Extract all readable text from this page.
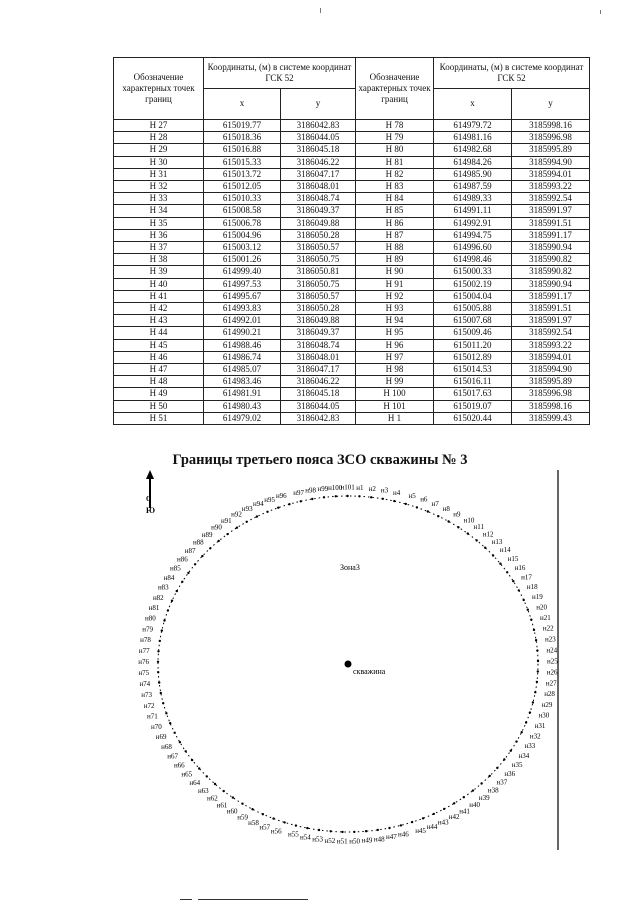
Обозначение характерных точек границ	Координаты, (м) в системе координат ГСК 52		Обозначение характерных точек границ	Координаты, (м) в системе координат ГСК 52	
	x	y		x	y
Н 27	615019.77	3186042.83	Н 78	614979.72	3185998.16
Н 28	615018.36	3186044.05	Н 79	614981.16	3185996.98
Н 29	615016.88	3186045.18	Н 80	614982.68	3185995.89
Н 30	615015.33	3186046.22	Н 81	614984.26	3185994.90
Н 31	615013.72	3186047.17	Н 82	614985.90	3185994.01
Н 32	615012.05	3186048.01	Н 83	614987.59	3185993.22
Н 33	615010.33	3186048.74	Н 84	614989.33	3185992.54
Н 34	615008.58	3186049.37	Н 85	614991.11	3185991.97
Н 35	615006.78	3186049.88	Н 86	614992.91	3185991.51
Н 36	615004.96	3186050.28	Н 87	614994.75	3185991.17
Н 37	615003.12	3186050.57	Н 88	614996.60	3185990.94
Н 38	615001.26	3186050.75	Н 89	614998.46	3185990.82
Н 39	614999.40	3186050.81	Н 90	615000.33	3185990.82
Н 40	614997.53	3186050.75	Н 91	615002.19	3185990.94
Н 41	614995.67	3186050.57	Н 92	615004.04	3185991.17
Н 42	614993.83	3186050.28	Н 93	615005.88	3185991.51
Н 43	614992.01	3186049.88	Н 94	615007.68	3185991.97
Н 44	614990.21	3186049.37	Н 95	615009.46	3185992.54
Н 45	614988.46	3186048.74	Н 96	615011.20	3185993.22
Н 46	614986.74	3186048.01	Н 97	615012.89	3185994.01
Н 47	614985.07	3186047.17	Н 98	615014.53	3185994.90
Н 48	614983.46	3186046.22	Н 99	615016.11	3185995.89
Н 49	614981.91	3186045.18	Н 100	615017.63	3185996.98
Н 50	614980.43	3186044.05	Н 101	615019.07	3185998.16
Н 51	614979.02	3186042.83	Н 1	615020.44	3185999.43
Границы третьего пояса ЗСО скважины № 3
С
Ю
н1 н2 н3 н4 н5 н6
н7
н8
н9
н10
н11
н12
н13
н14
н15
н16
н17
н18
н19
н20
н21
н22
н23
н24
н25
н26
н27
н28
н29
н30
н31
н32
н33
н34
н35
н36
н37
н38
н39
н40
н41
н42
н43
н44
н45
н46
н47
н48
н49
н50
н51
н52
н53
н54
н55
н56
н57
н58
н59
н60
н61
н62
н63
н64
н65
н66
н67
н68
н69
н70
н71
н72
н73
н74
н75
н76
н77
н78
н79
н80
н81
н82
н83
н84
н85
н86
н87
н88
н89
н90
н91
н92
н93
н94
н95 н96 н97 н98 н99 н100
н101
Зона3
скважина
